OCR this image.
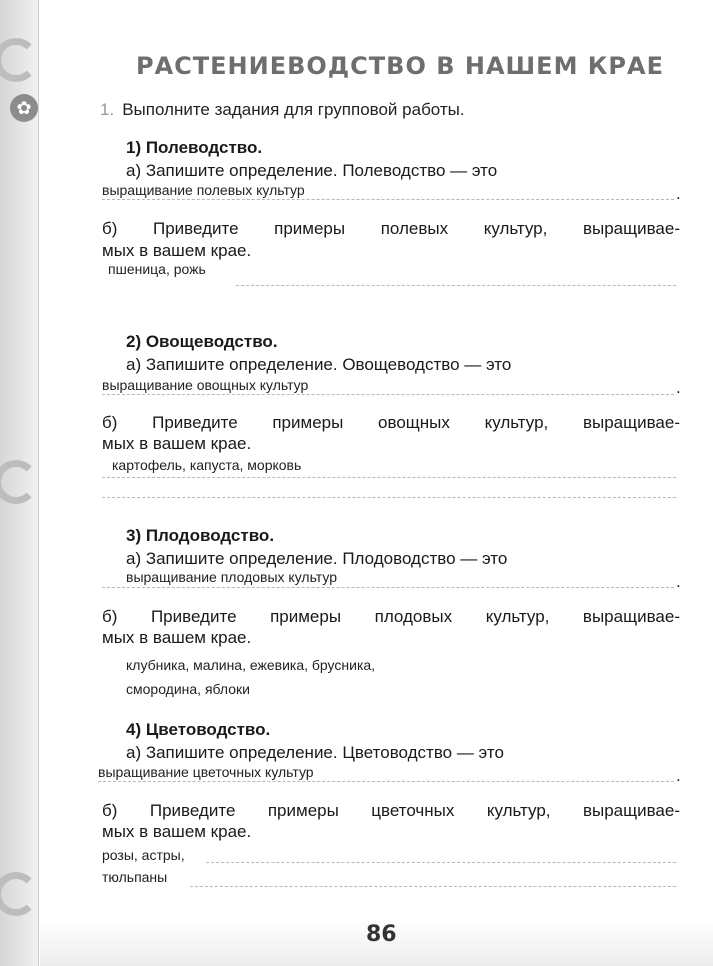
✿
РАСТЕНИЕВОДСТВО В НАШЕМ КРАЕ
1. Выполните задания для групповой работы.
1) Полеводство.
а) Запишите определение. Полеводство — это
выращивание полевых культур	.
б) Приведите примеры полевых культур, выращивае-
мых в вашем крае.
пшеница, рожь
2) Овощеводство.
а) Запишите определение. Овощеводство — это
выращивание овощных культур	.
б) Приведите примеры овощных культур, выращивае-
мых в вашем крае.
картофель, капуста, морковь
3) Плодоводство.
а) Запишите определение. Плодоводство — это
выращивание плодовых культур	.
б) Приведите примеры плодовых культур, выращивае-
мых в вашем крае.
клубника, малина, ежевика, брусника,
смородина, яблоки
4) Цветоводство.
а) Запишите определение. Цветоводство — это
выращивание цветочных культур	.
б) Приведите примеры цветочных культур, выращивае-
мых в вашем крае.
розы, астры,
тюльпаны
86
